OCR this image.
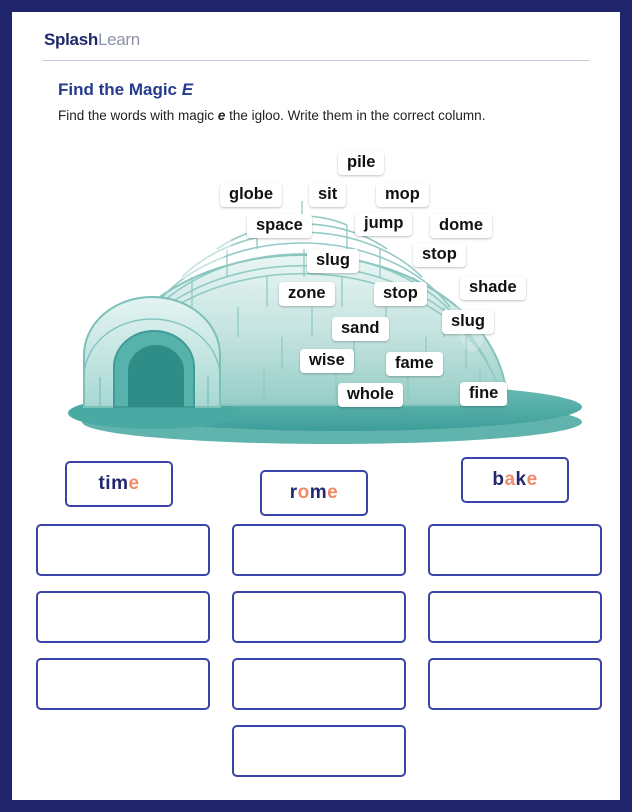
SplashLearn
Find the Magic E
Find the words with magic e the igloo. Write them in the correct column.
pile
globe	sit	mop
space	jump	dome
slug	stop
zone	stop	shade
sand	slug
wise	fame
whole	fine
ti m e	r o m e
b a k e
